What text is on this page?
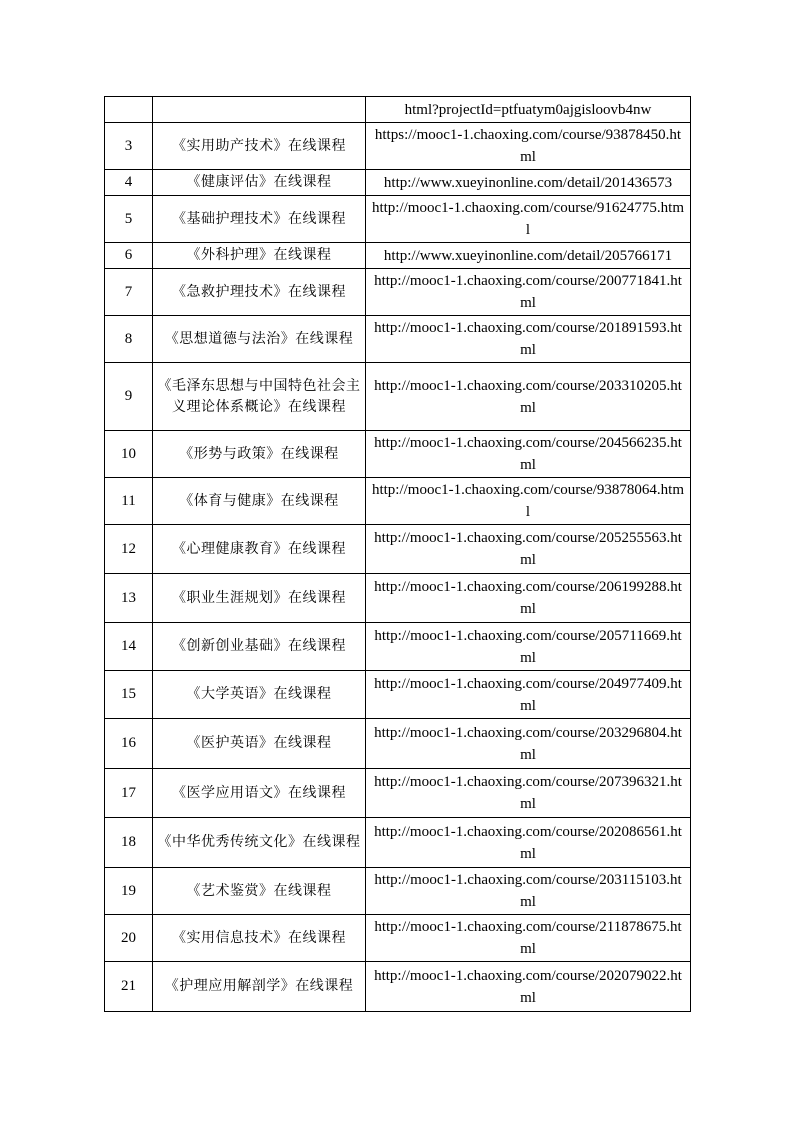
		html?projectId=ptfuatym0ajgisloovb4nw
3	《实用助产技术》在线课程	https://mooc1-1.chaoxing.com/course/93878450.html
4	《健康评估》在线课程	http://www.xueyinonline.com/detail/201436573
5	《基础护理技术》在线课程	http://mooc1-1.chaoxing.com/course/91624775.html
6	《外科护理》在线课程	http://www.xueyinonline.com/detail/205766171
7	《急救护理技术》在线课程	http://mooc1-1.chaoxing.com/course/200771841.html
8	《思想道德与法治》在线课程	http://mooc1-1.chaoxing.com/course/201891593.html
9	《毛泽东思想与中国特色社会主义理论体系概论》在线课程	http://mooc1-1.chaoxing.com/course/203310205.html
10	《形势与政策》在线课程	http://mooc1-1.chaoxing.com/course/204566235.html
11	《体育与健康》在线课程	http://mooc1-1.chaoxing.com/course/93878064.html
12	《心理健康教育》在线课程	http://mooc1-1.chaoxing.com/course/205255563.html
13	《职业生涯规划》在线课程	http://mooc1-1.chaoxing.com/course/206199288.html
14	《创新创业基础》在线课程	http://mooc1-1.chaoxing.com/course/205711669.html
15	《大学英语》在线课程	http://mooc1-1.chaoxing.com/course/204977409.html
16	《医护英语》在线课程	http://mooc1-1.chaoxing.com/course/203296804.html
17	《医学应用语文》在线课程	http://mooc1-1.chaoxing.com/course/207396321.html
18	《中华优秀传统文化》在线课程	http://mooc1-1.chaoxing.com/course/202086561.html
19	《艺术鉴赏》在线课程	http://mooc1-1.chaoxing.com/course/203115103.html
20	《实用信息技术》在线课程	http://mooc1-1.chaoxing.com/course/211878675.html
21	《护理应用解剖学》在线课程	http://mooc1-1.chaoxing.com/course/202079022.html
